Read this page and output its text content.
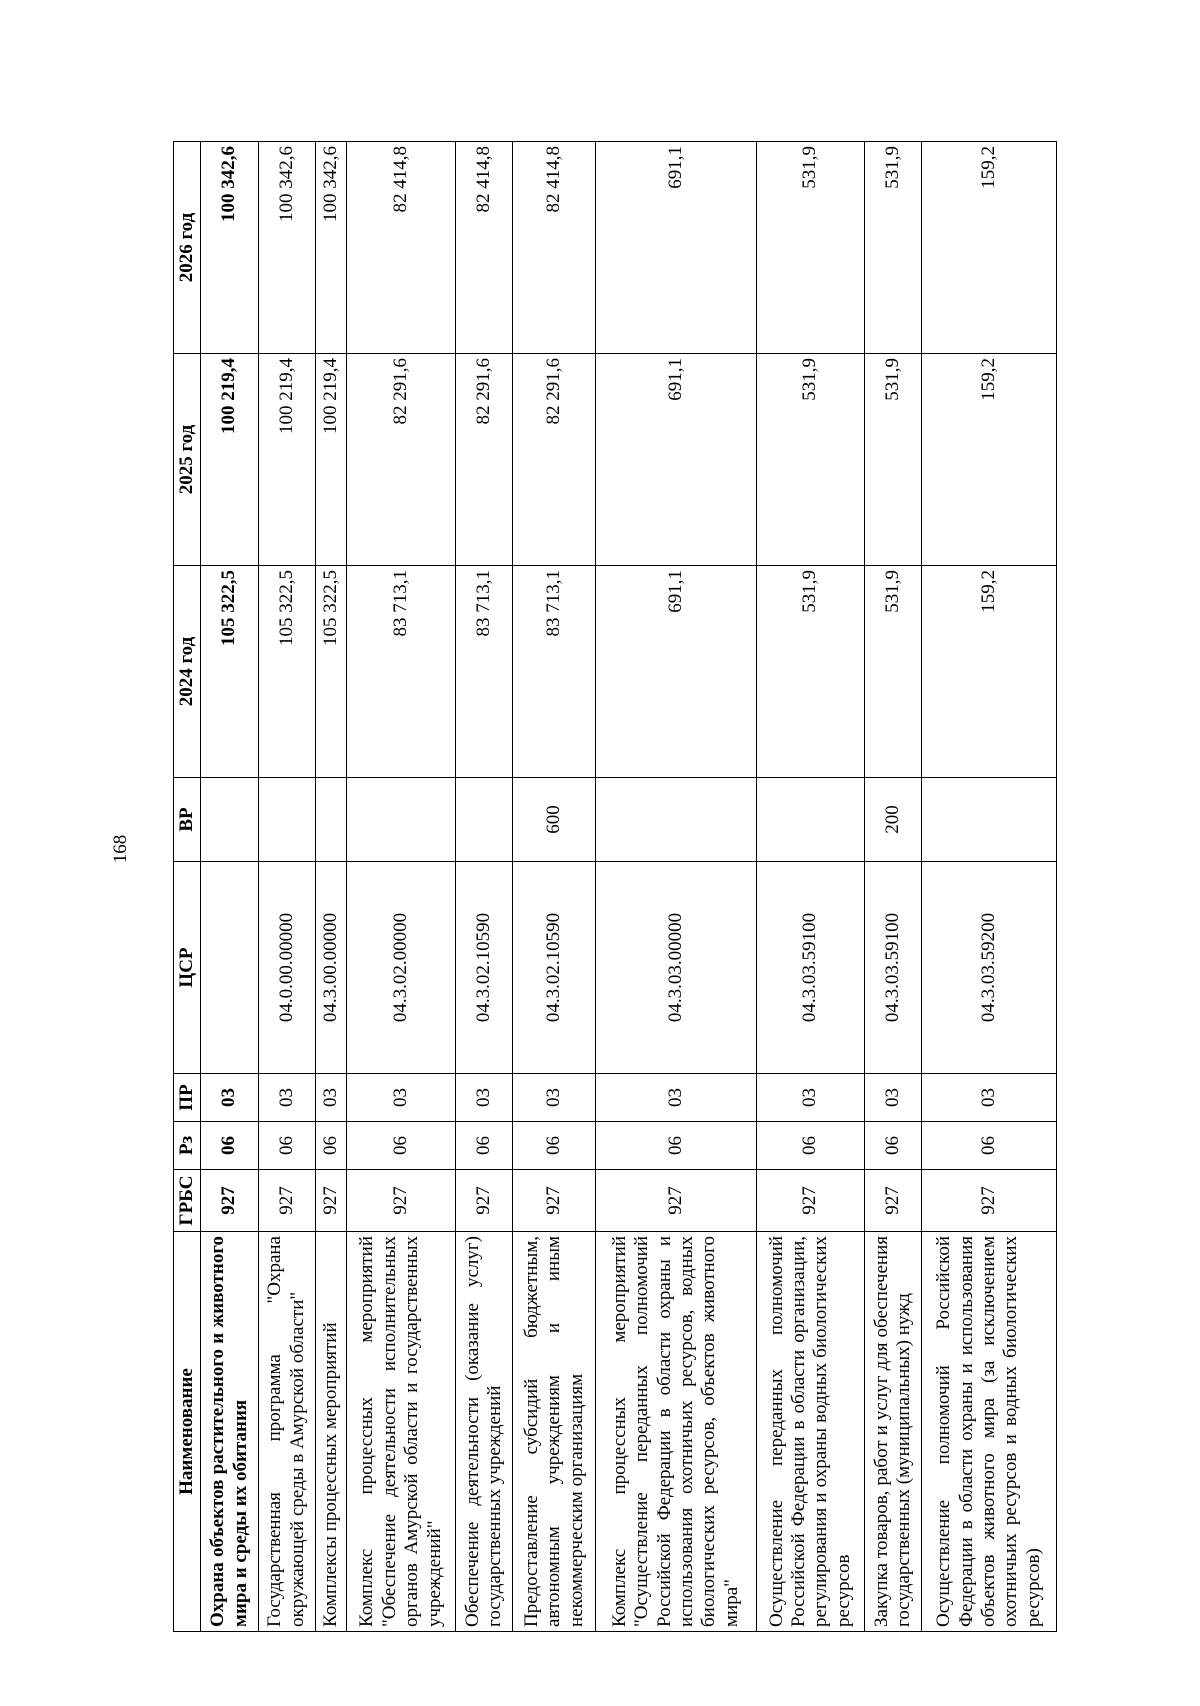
168
Наименование	ГРБС	Рз	ПР	ЦСР	ВР	2024 год	2025 год	2026 год
Охрана объектов растительного и животного мира и среды их обитания	927	06	03			105 322,5	100 219,4	100 342,6
Государственная программа "Охрана окружающей среды в Амурской области"	927	06	03	04.0.00.00000		105 322,5	100 219,4	100 342,6
Комплексы процессных мероприятий	927	06	03	04.3.00.00000		105 322,5	100 219,4	100 342,6
Комплекс процессных мероприятий "Обеспечение деятельности исполнительных органов Амурской области и государственных учреждений"	927	06	03	04.3.02.00000		83 713,1	82 291,6	82 414,8
Обеспечение деятельности (оказание услуг) государственных учреждений	927	06	03	04.3.02.10590		83 713,1	82 291,6	82 414,8
Предоставление субсидий бюджетным, автономным учреждениям и иным некоммерческим организациям	927	06	03	04.3.02.10590	600	83 713,1	82 291,6	82 414,8
Комплекс процессных мероприятий "Осуществление переданных полномочий Российской Федерации в области охраны и использования охотничьих ресурсов, водных биологических ресурсов, объектов животного мира"	927	06	03	04.3.03.00000		691,1	691,1	691,1
Осуществление переданных полномочий Российской Федерации в области организации, регулирования и охраны водных биологических ресурсов	927	06	03	04.3.03.59100		531,9	531,9	531,9
Закупка товаров, работ и услуг для обеспечения государственных (муниципальных) нужд	927	06	03	04.3.03.59100	200	531,9	531,9	531,9
Осуществление полномочий Российской Федерации в области охраны и использования объектов животного мира (за исключением охотничьих ресурсов и водных биологических ресурсов)	927	06	03	04.3.03.59200		159,2	159,2	159,2
